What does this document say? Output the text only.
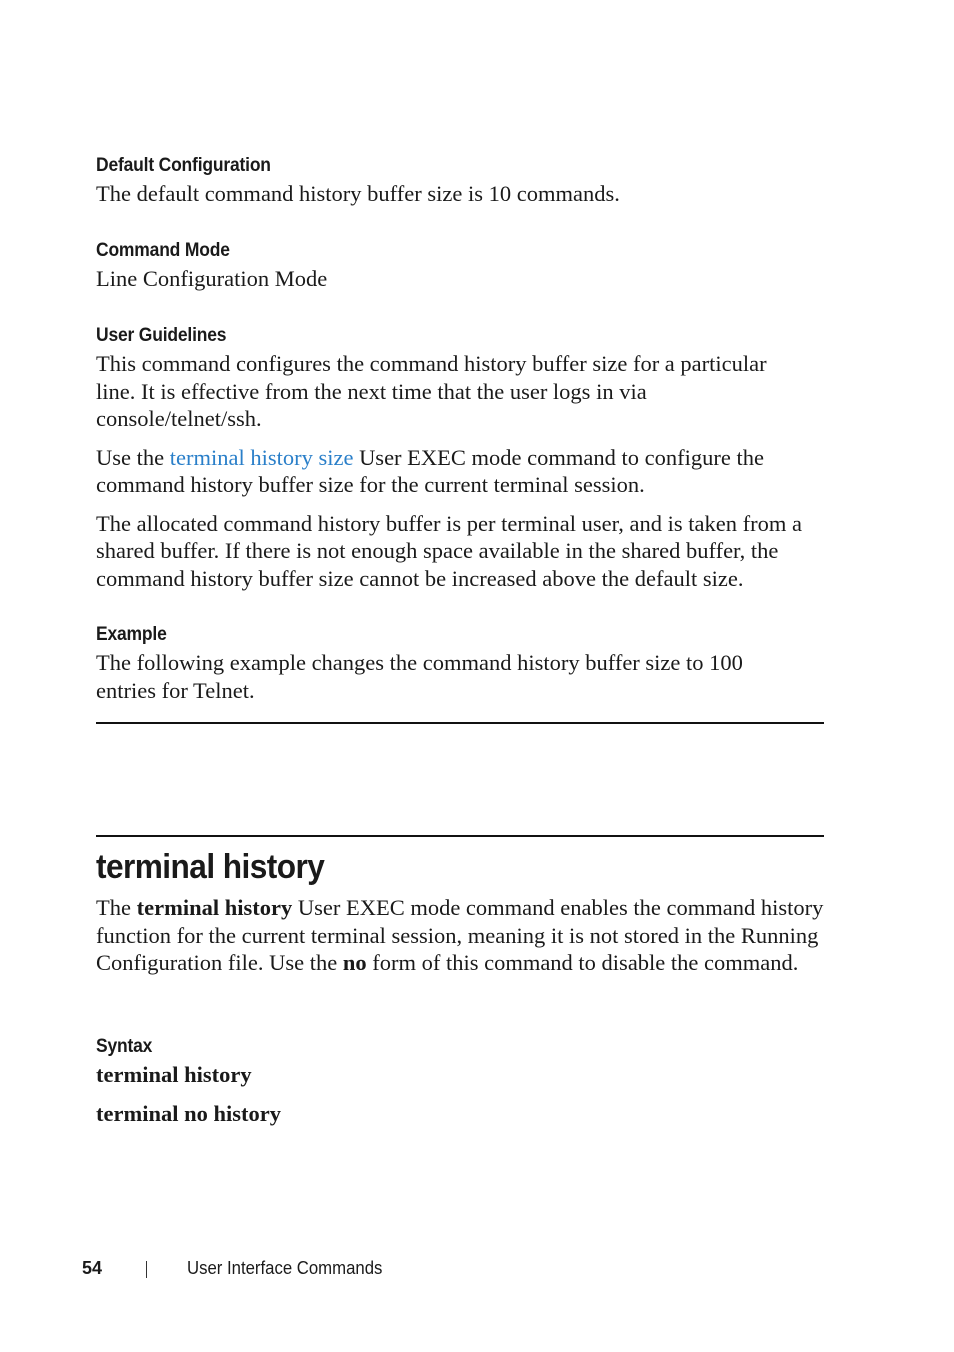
Default Configuration

The default command history buffer size is 10 commands.

Command Mode

Line Configuration Mode

User Guidelines

This command configures the command history buffer size for a particular line. It is effective from the next time that the user logs in via console/telnet/ssh.

Use the terminal history size User EXEC mode command to configure the command history buffer size for the current terminal session.

The allocated command history buffer is per terminal user, and is taken from a shared buffer. If there is not enough space available in the shared buffer, the command history buffer size cannot be increased above the default size.

Example

The following example changes the command history buffer size to 100 entries for Telnet.

terminal history

The terminal history User EXEC mode command enables the command history function for the current terminal session, meaning it is not stored in the Running Configuration file. Use the no form of this command to disable the command.

Syntax

terminal history

terminal no history

54	User Interface Commands
